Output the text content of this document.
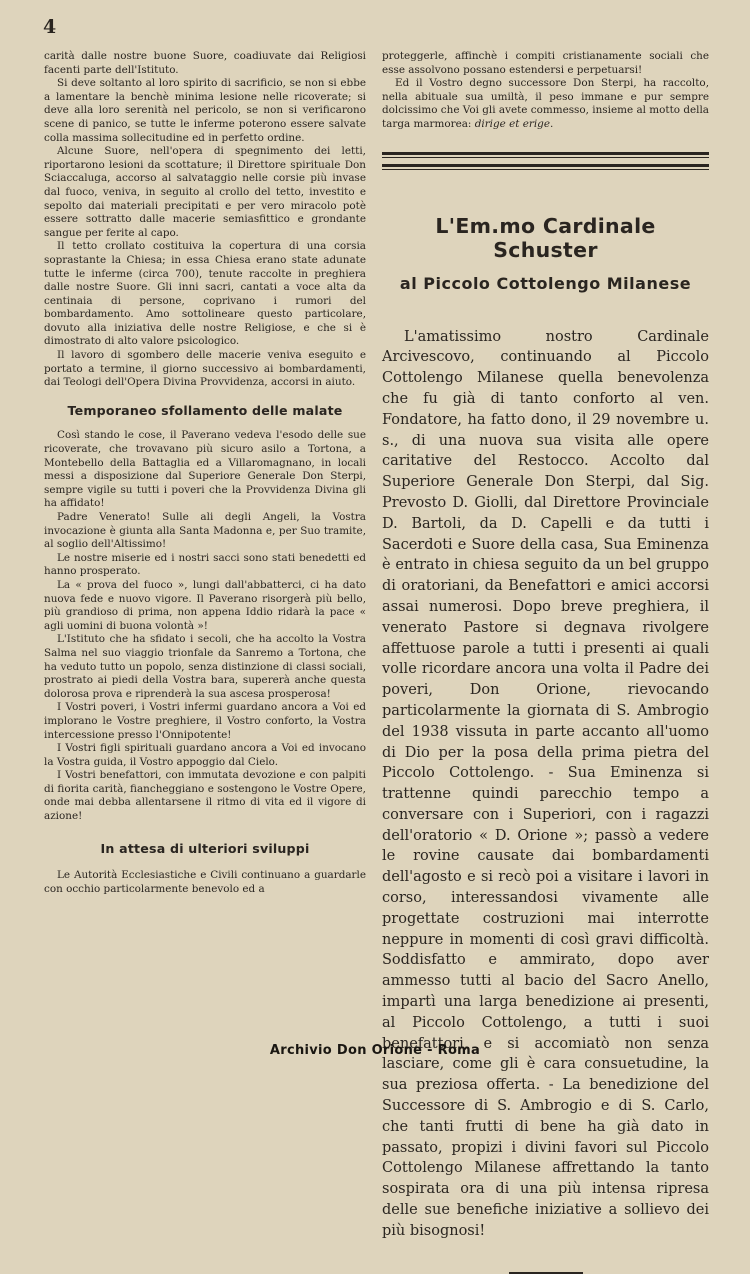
4

carità dalle nostre buone Suore, coadiuvate dai Religiosi facenti parte dell'Istituto.

Si deve soltanto al loro spirito di sacrificio, se non si ebbe a lamentare la benchè minima lesione nelle ricoverate; si deve alla loro serenità nel pericolo, se non si verificarono scene di panico, se tutte le inferme poterono essere salvate colla massima sollecitudine ed in perfetto ordine.

Alcune Suore, nell'opera di spegnimento dei letti, riportarono lesioni da scottature; il Direttore spirituale Don Sciaccaluga, accorso al salvataggio nelle corsie più invase dal fuoco, veniva, in seguito al crollo del tetto, investito e sepolto dai materiali precipitati e per vero miracolo potè essere sottratto dalle macerie semiasfittico e grondante sangue per ferite al capo.

Il tetto crollato costituiva la copertura di una corsia soprastante la Chiesa; in essa Chiesa erano state adunate tutte le inferme (circa 700), tenute raccolte in preghiera dalle nostre Suore. Gli inni sacri, cantati a voce alta da centinaia di persone, coprivano i rumori del bombardamento. Amo sottolineare questo particolare, dovuto alla iniziativa delle nostre Religiose, e che si è dimostrato di alto valore psicologico.

Il lavoro di sgombero delle macerie veniva eseguito e portato a termine, il giorno successivo ai bombardamenti, dai Teologi dell'Opera Divina Provvidenza, accorsi in aiuto.

Temporaneo sfollamento delle malate

Così stando le cose, il Paverano vedeva l'esodo delle sue ricoverate, che trovavano più sicuro asilo a Tortona, a Montebello della Battaglia ed a Villaromagnano, in locali messi a disposizione dal Superiore Generale Don Sterpi, sempre vigile su tutti i poveri che la Provvidenza Divina gli ha affidato!

Padre Venerato! Sulle ali degli Angeli, la Vostra invocazione è giunta alla Santa Madonna e, per Suo tramite, al soglio dell'Altissimo!

Le nostre miserie ed i nostri sacci sono stati benedetti ed hanno prosperato.

La « prova del fuoco », lungi dall'abbatterci, ci ha dato nuova fede e nuovo vigore. Il Paverano risorgerà più bello, più grandioso di prima, non appena Iddio ridarà la pace « agli uomini di buona volontà »!

L'Istituto che ha sfidato i secoli, che ha accolto la Vostra Salma nel suo viaggio trionfale da Sanremo a Tortona, che ha veduto tutto un popolo, senza distinzione di classi sociali, prostrato ai piedi della Vostra bara, supererà anche questa dolorosa prova e riprenderà la sua ascesa prosperosa!

I Vostri poveri, i Vostri infermi guardano ancora a Voi ed implorano le Vostre preghiere, il Vostro conforto, la Vostra intercessione presso l'Onnipotente!

I Vostri figli spirituali guardano ancora a Voi ed invocano la Vostra guida, il Vostro appoggio dal Cielo.

I Vostri benefattori, con immutata devozione e con palpiti di fiorita carità, fiancheggiano e sostengono le Vostre Opere, onde mai debba allentarsene il ritmo di vita ed il vigore di azione!

In attesa di ulteriori sviluppi

Le Autorità Ecclesiastiche e Civili continuano a guardarle con occhio particolarmente benevolo ed a

proteggerle, affinchè i compiti cristianamente sociali che esse assolvono possano estendersi e perpetuarsi!

Ed il Vostro degno successore Don Sterpi, ha raccolto, nella abituale sua umiltà, il peso immane e pur sempre dolcissimo che Voi gli avete commesso, insieme al motto della targa marmorea: dirige et erige.

L'Em.mo Cardinale Schuster
al Piccolo Cottolengo Milanese

L'amatissimo nostro Cardinale Arcivescovo, continuando al Piccolo Cottolengo Milanese quella benevolenza che fu già di tanto conforto al ven. Fondatore, ha fatto dono, il 29 novembre u. s., di una nuova sua visita alle opere caritative del Restocco. Accolto dal Superiore Generale Don Sterpi, dal Sig. Prevosto D. Giolli, dal Direttore Provinciale D. Bartoli, da D. Capelli e da tutti i Sacerdoti e Suore della casa, Sua Eminenza è entrato in chiesa seguito da un bel gruppo di oratoriani, da Benefattori e amici accorsi assai numerosi. Dopo breve preghiera, il venerato Pastore si degnava rivolgere affettuose parole a tutti i presenti ai quali volle ricordare ancora una volta il Padre dei poveri, Don Orione, rievocando particolarmente la giornata di S. Ambrogio del 1938 vissuta in parte accanto all'uomo di Dio per la posa della prima pietra del Piccolo Cottolengo. - Sua Eminenza si trattenne quindi parecchio tempo a conversare con i Superiori, con i ragazzi dell'oratorio « D. Orione »; passò a vedere le rovine causate dai bombardamenti dell'agosto e si recò poi a visitare i lavori in corso, interessandosi vivamente alle progettate costruzioni mai interrotte neppure in momenti di così gravi difficoltà. Soddisfatto e ammirato, dopo aver ammesso tutti al bacio del Sacro Anello, impartì una larga benedizione ai presenti, al Piccolo Cottolengo, a tutti i suoi benefattori, e si accomiatò non senza lasciare, come gli è cara consuetudine, la sua preziosa offerta. - La benedizione del Successore di S. Ambrogio e di S. Carlo, che tanti frutti di bene ha già dato in passato, propizi i divini favori sul Piccolo Cottolengo Milanese affrettando la tanto sospirata ora di una più intensa ripresa delle sue benefiche iniziative a sollievo dei più bisognosi!

Archivio Don Orione - Roma
